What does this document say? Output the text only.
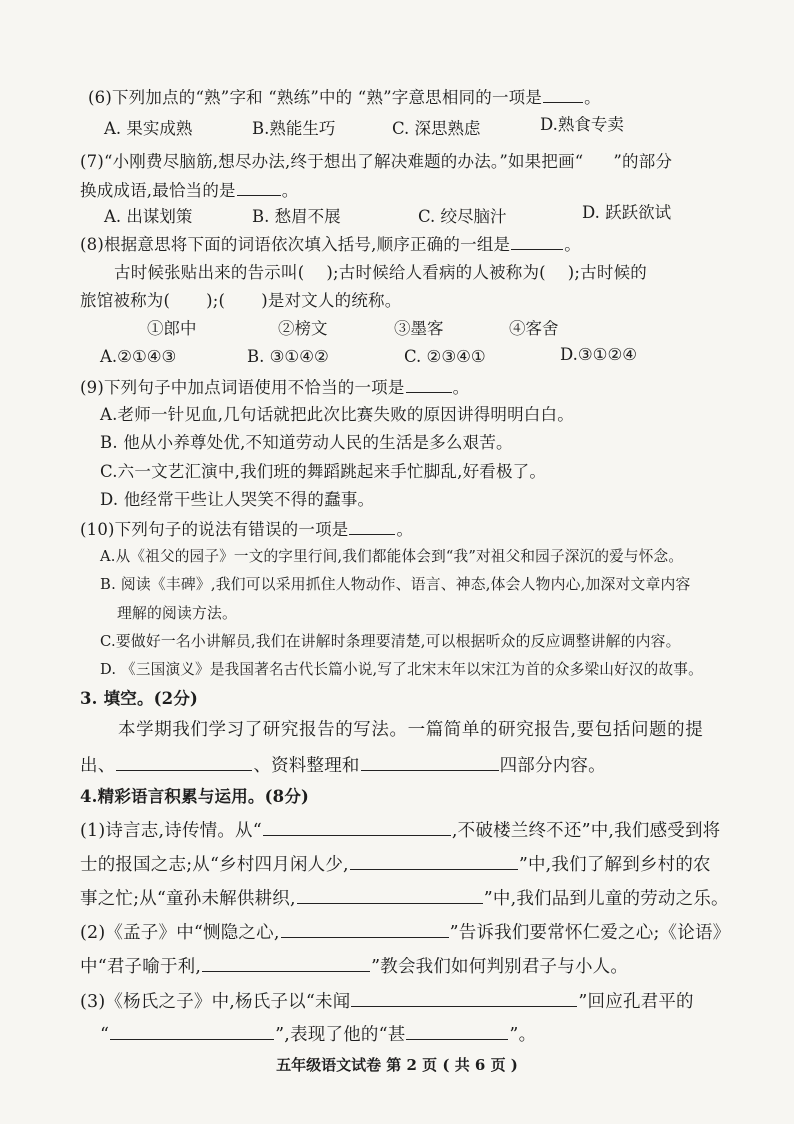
(6)下列加点的“熟”字和 “熟练”中的 “熟”字意思相同的一项是	。
A. 果实成熟	B.熟能生巧	C. 深思熟虑	D.熟食专卖
(7)“小刚费尽脑筋,想尽办法,终于想出了解决难题的办法。”如果把画“ ”的部分
换成成语,最恰当的是	。
A. 出谋划策	B. 愁眉不展	C. 绞尽脑汁	D. 跃跃欲试
(8)根据意思将下面的词语依次填入括号,顺序正确的一组是	。
古时候张贴出来的告示叫( );古时候给人看病的人被称为( );古时候的
旅馆被称为( );( )是对文人的统称。
①郎中	②榜文	③墨客	④客舍
A.②①④③	B. ③①④②	C. ②③④①	D.③①②④
(9)下列句子中加点词语使用不恰当的一项是	。
A.老师一针见血,几句话就把此次比赛失败的原因讲得明明白白。
B. 他从小养尊处优,不知道劳动人民的生活是多么艰苦。
C.六一文艺汇演中,我们班的舞蹈跳起来手忙脚乱,好看极了。
D. 他经常干些让人哭笑不得的蠢事。
(10)下列句子的说法有错误的一项是	。
A.从《祖父的园子》一文的字里行间,我们都能体会到“我”对祖父和园子深沉的爱与怀念。
B. 阅读《丰碑》,我们可以采用抓住人物动作、语言、神态,体会人物内心,加深对文章内容
理解的阅读方法。
C.要做好一名小讲解员,我们在讲解时条理要清楚,可以根据听众的反应调整讲解的内容。
D. 《三国演义》是我国著名古代长篇小说,写了北宋末年以宋江为首的众多梁山好汉的故事。
3. 填空。(2分)
本学期我们学习了研究报告的写法。一篇简单的研究报告,要包括问题的提
出、	、资料整理和	四部分内容。
4.精彩语言积累与运用。(8分)
(1)诗言志,诗传情。从“	,不破楼兰终不还”中,我们感受到将
士的报国之志;从“乡村四月闲人少,	”中,我们了解到乡村的农
事之忙;从“童孙未解供耕织,	”中,我们品到儿童的劳动之乐。
(2)《孟子》中“恻隐之心,	”告诉我们要常怀仁爱之心;《论语》
中“君子喻于利,	”教会我们如何判别君子与小人。
(3)《杨氏之子》中,杨氏子以“未闻	”回应孔君平的
“	”,表现了他的“甚	”。
五年级语文试卷 第 2 页 ( 共 6 页 )
